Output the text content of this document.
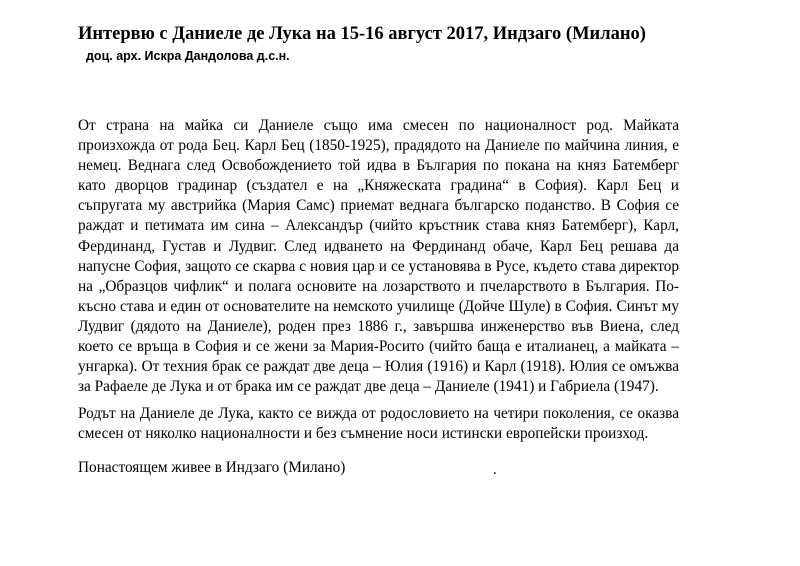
Интервю с Даниеле де Лука на 15-16 август 2017, Индзаго (Милано)
доц. арх. Искра Дандолова д.с.н.

От страна на майка си Даниеле също има смесен по националност род. Майката произхожда от рода Бец. Карл Бец (1850-1925), прадядото на Даниеле по майчина линия, е немец. Веднага след Освобождението той идва в България по покана на княз Батемберг като дворцов градинар (създател е на „Княжеската градина“ в София). Карл Бец и съпругата му австрийка (Мария Самс) приемат веднага българско поданство. В София се раждат и петимата им сина – Александър (чийто кръстник става княз Батемберг), Карл, Фердинанд, Густав и Лудвиг. След идването на Фердинанд обаче, Карл Бец решава да напусне София, защото се скарва с новия цар и се установява в Русе, където става директор на „Образцов чифлик“ и полага основите на лозарството и пчеларството в България. По-късно става и един от основателите на немското училище (Дойче Шуле) в София. Синът му Лудвиг (дядото на Даниеле), роден през 1886 г., завършва инженерство във Виена, след което се връща в София и се жени за Мария-Росито (чийто баща е италианец, а майката – унгарка). От техния брак се раждат две деца – Юлия (1916) и Карл (1918). Юлия се омъжва за Рафаеле де Лука и от брака им се раждат две деца – Даниеле (1941) и Габриела (1947).

Родът на Даниеле де Лука, както се вижда от родословието на четири поколения, се оказва смесен от няколко националности и без съмнение носи истински европейски произход.

Понастоящем живее в Индзаго (Милано)	.
